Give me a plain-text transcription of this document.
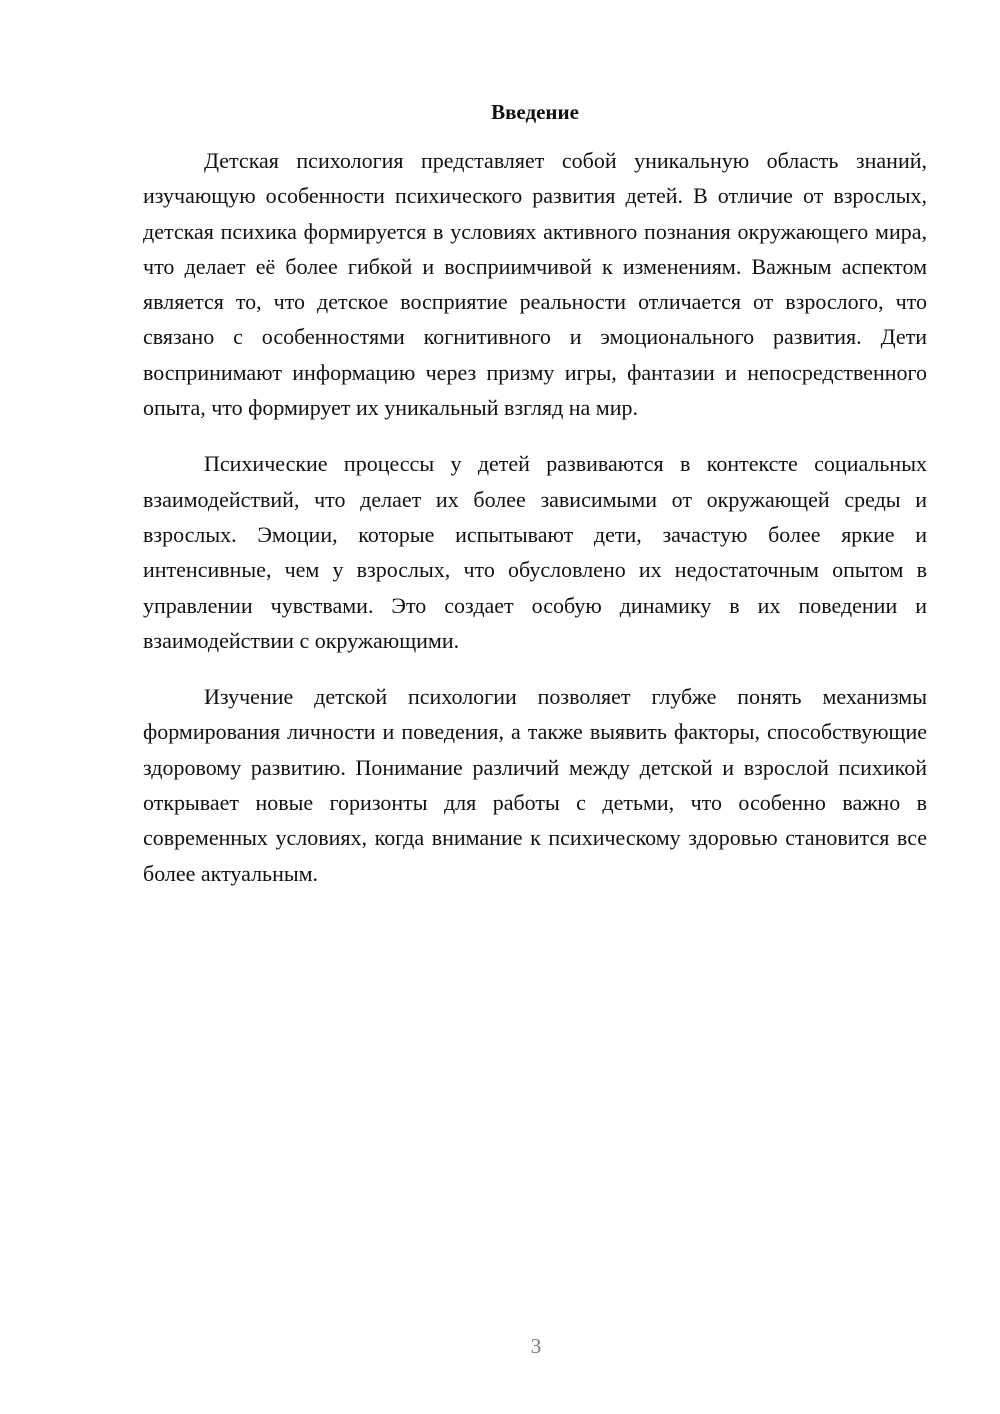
Введение

Детская психология представляет собой уникальную область знаний, изучающую особенности психического развития детей. В отличие от взрослых, детская психика формируется в условиях активного познания окружающего мира, что делает её более гибкой и восприимчивой к изменениям. Важным аспектом является то, что детское восприятие реальности отличается от взрослого, что связано с особенностями когнитивного и эмоционального развития. Дети воспринимают информацию через призму игры, фантазии и непосредственного опыта, что формирует их уникальный взгляд на мир.

Психические процессы у детей развиваются в контексте социальных взаимодействий, что делает их более зависимыми от окружающей среды и взрослых. Эмоции, которые испытывают дети, зачастую более яркие и интенсивные, чем у взрослых, что обусловлено их недостаточным опытом в управлении чувствами. Это создает особую динамику в их поведении и взаимодействии с окружающими.

Изучение детской психологии позволяет глубже понять механизмы формирования личности и поведения, а также выявить факторы, способствующие здоровому развитию. Понимание различий между детской и взрослой психикой открывает новые горизонты для работы с детьми, что особенно важно в современных условиях, когда внимание к психическому здоровью становится все более актуальным.

3
